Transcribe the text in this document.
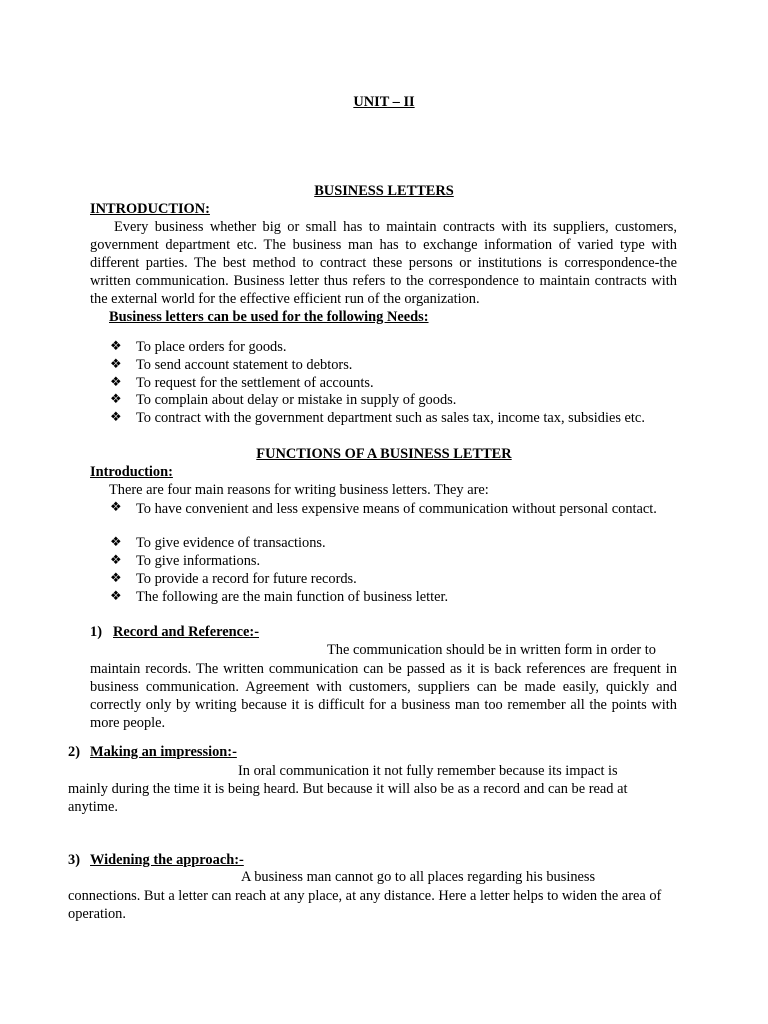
UNIT – II
BUSINESS LETTERS
INTRODUCTION:
Every business whether big or small has to maintain contracts with its suppliers, customers, government department etc. The business man has to exchange information of varied type with different parties. The best method to contract these persons or institutions is correspondence-the written communication. Business letter thus refers to the correspondence to maintain contracts with the external world for the effective efficient run of the organization.
Business letters can be used for the following Needs:
❖ To place orders for goods.
❖ To send account statement to debtors.
❖ To request for the settlement of accounts.
❖ To complain about delay or mistake in supply of goods.
❖ To contract with the government department such as sales tax, income tax, subsidies etc.
FUNCTIONS OF A BUSINESS LETTER
Introduction:
There are four main reasons for writing business letters. They are:
❖ To have convenient and less expensive means of communication without personal contact.
❖ To give evidence of transactions.
❖ To give informations.
❖ To provide a record for future records.
❖ The following are the main function of business letter.
1) Record and Reference:-
The communication should be in written form in order to
maintain records. The written communication can be passed as it is back references are frequent in business communication. Agreement with customers, suppliers can be made easily, quickly and correctly only by writing because it is difficult for a business man too remember all the points with more people.
2) Making an impression:-
In oral communication it not fully remember because its impact is
mainly during the time it is being heard. But because it will also be as a record and can be read at anytime.
3) Widening the approach:-
A business man cannot go to all places regarding his business
connections. But a letter can reach at any place, at any distance. Here a letter helps to widen the area of operation.
